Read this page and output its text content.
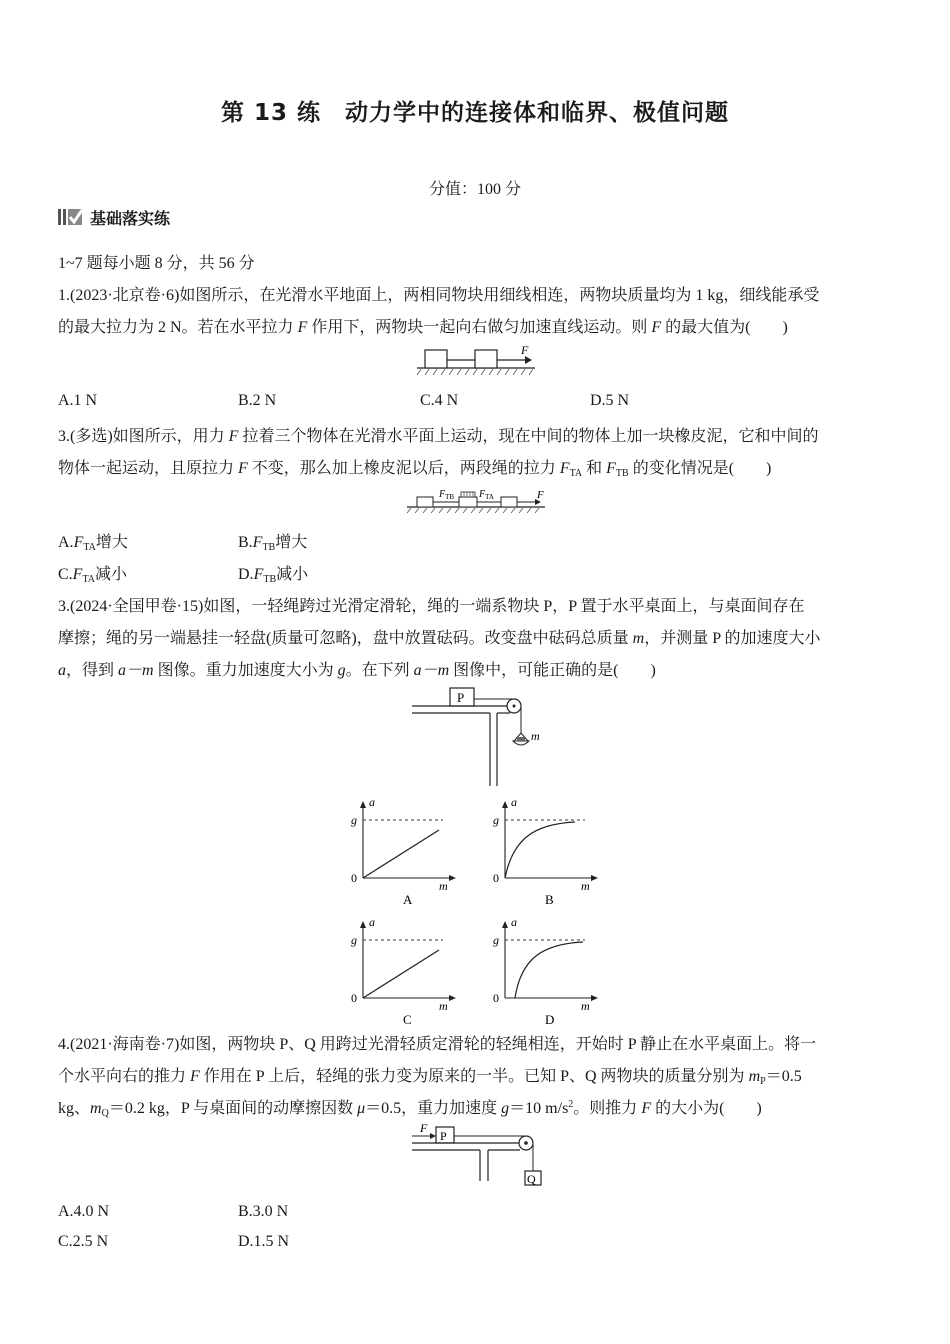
第 13 练　动力学中的连接体和临界、极值问题
分值：100 分
基础落实练
1~7 题每小题 8 分，共 56 分
1.(2023·北京卷·6)如图所示，在光滑水平地面上，两相同物块用细线相连，两物块质量均为 1 kg，细线能承受
的最大拉力为 2 N。若在水平拉力 F 作用下，两物块一起向右做匀加速直线运动。则 F 的最大值为(　　)
F
A.1 N	B.2 N	C.4 N	D.5 N
3.(多选)如图所示，用力 F 拉着三个物体在光滑水平面上运动，现在中间的物体上加一块橡皮泥，它和中间的
物体一起运动，且原拉力 F 不变，那么加上橡皮泥以后，两段绳的拉力 $F_{TA}$ 和 $F_{TB}$ 的变化情况是(　　)
$F_{TB}$ $F_{TA}$	F
$A.F_{TA}$增大	$B.F_{TB}$增大
$C.F_{TA}$减小	$D.F_{TB}$减小
3.(2024·全国甲卷·15)如图，一轻绳跨过光滑定滑轮，绳的一端系物块 P，P 置于水平桌面上，与桌面间存在
摩擦；绳的另一端悬挂一轻盘(质量可忽略)，盘中放置砝码。改变盘中砝码总质量 m，并测量 P 的加速度大小
a，得到 a－m 图像。重力加速度大小为 g。在下列 a－m 图像中，可能正确的是(　　)
P
m
a
g
0
m
A
a
g
0
m
B
a
g
0
m
C
a
g
0
m
D
4.(2021·海南卷·7)如图，两物块 P、Q 用跨过光滑轻质定滑轮的轻绳相连，开始时 P 静止在水平桌面上。将一
个水平向右的推力 F 作用在 P 上后，轻绳的张力变为原来的一半。已知 P、Q 两物块的质量分别为 $m_P=0.5$
kg、$m_Q=0.2$ kg，P 与桌面间的动摩擦因数 μ＝0.5，重力加速度 g＝10 $m/s^2$。则推力 F 的大小为(　　)
F
P
Q
A.4.0 N	B.3.0 N
C.2.5 N	D.1.5 N
